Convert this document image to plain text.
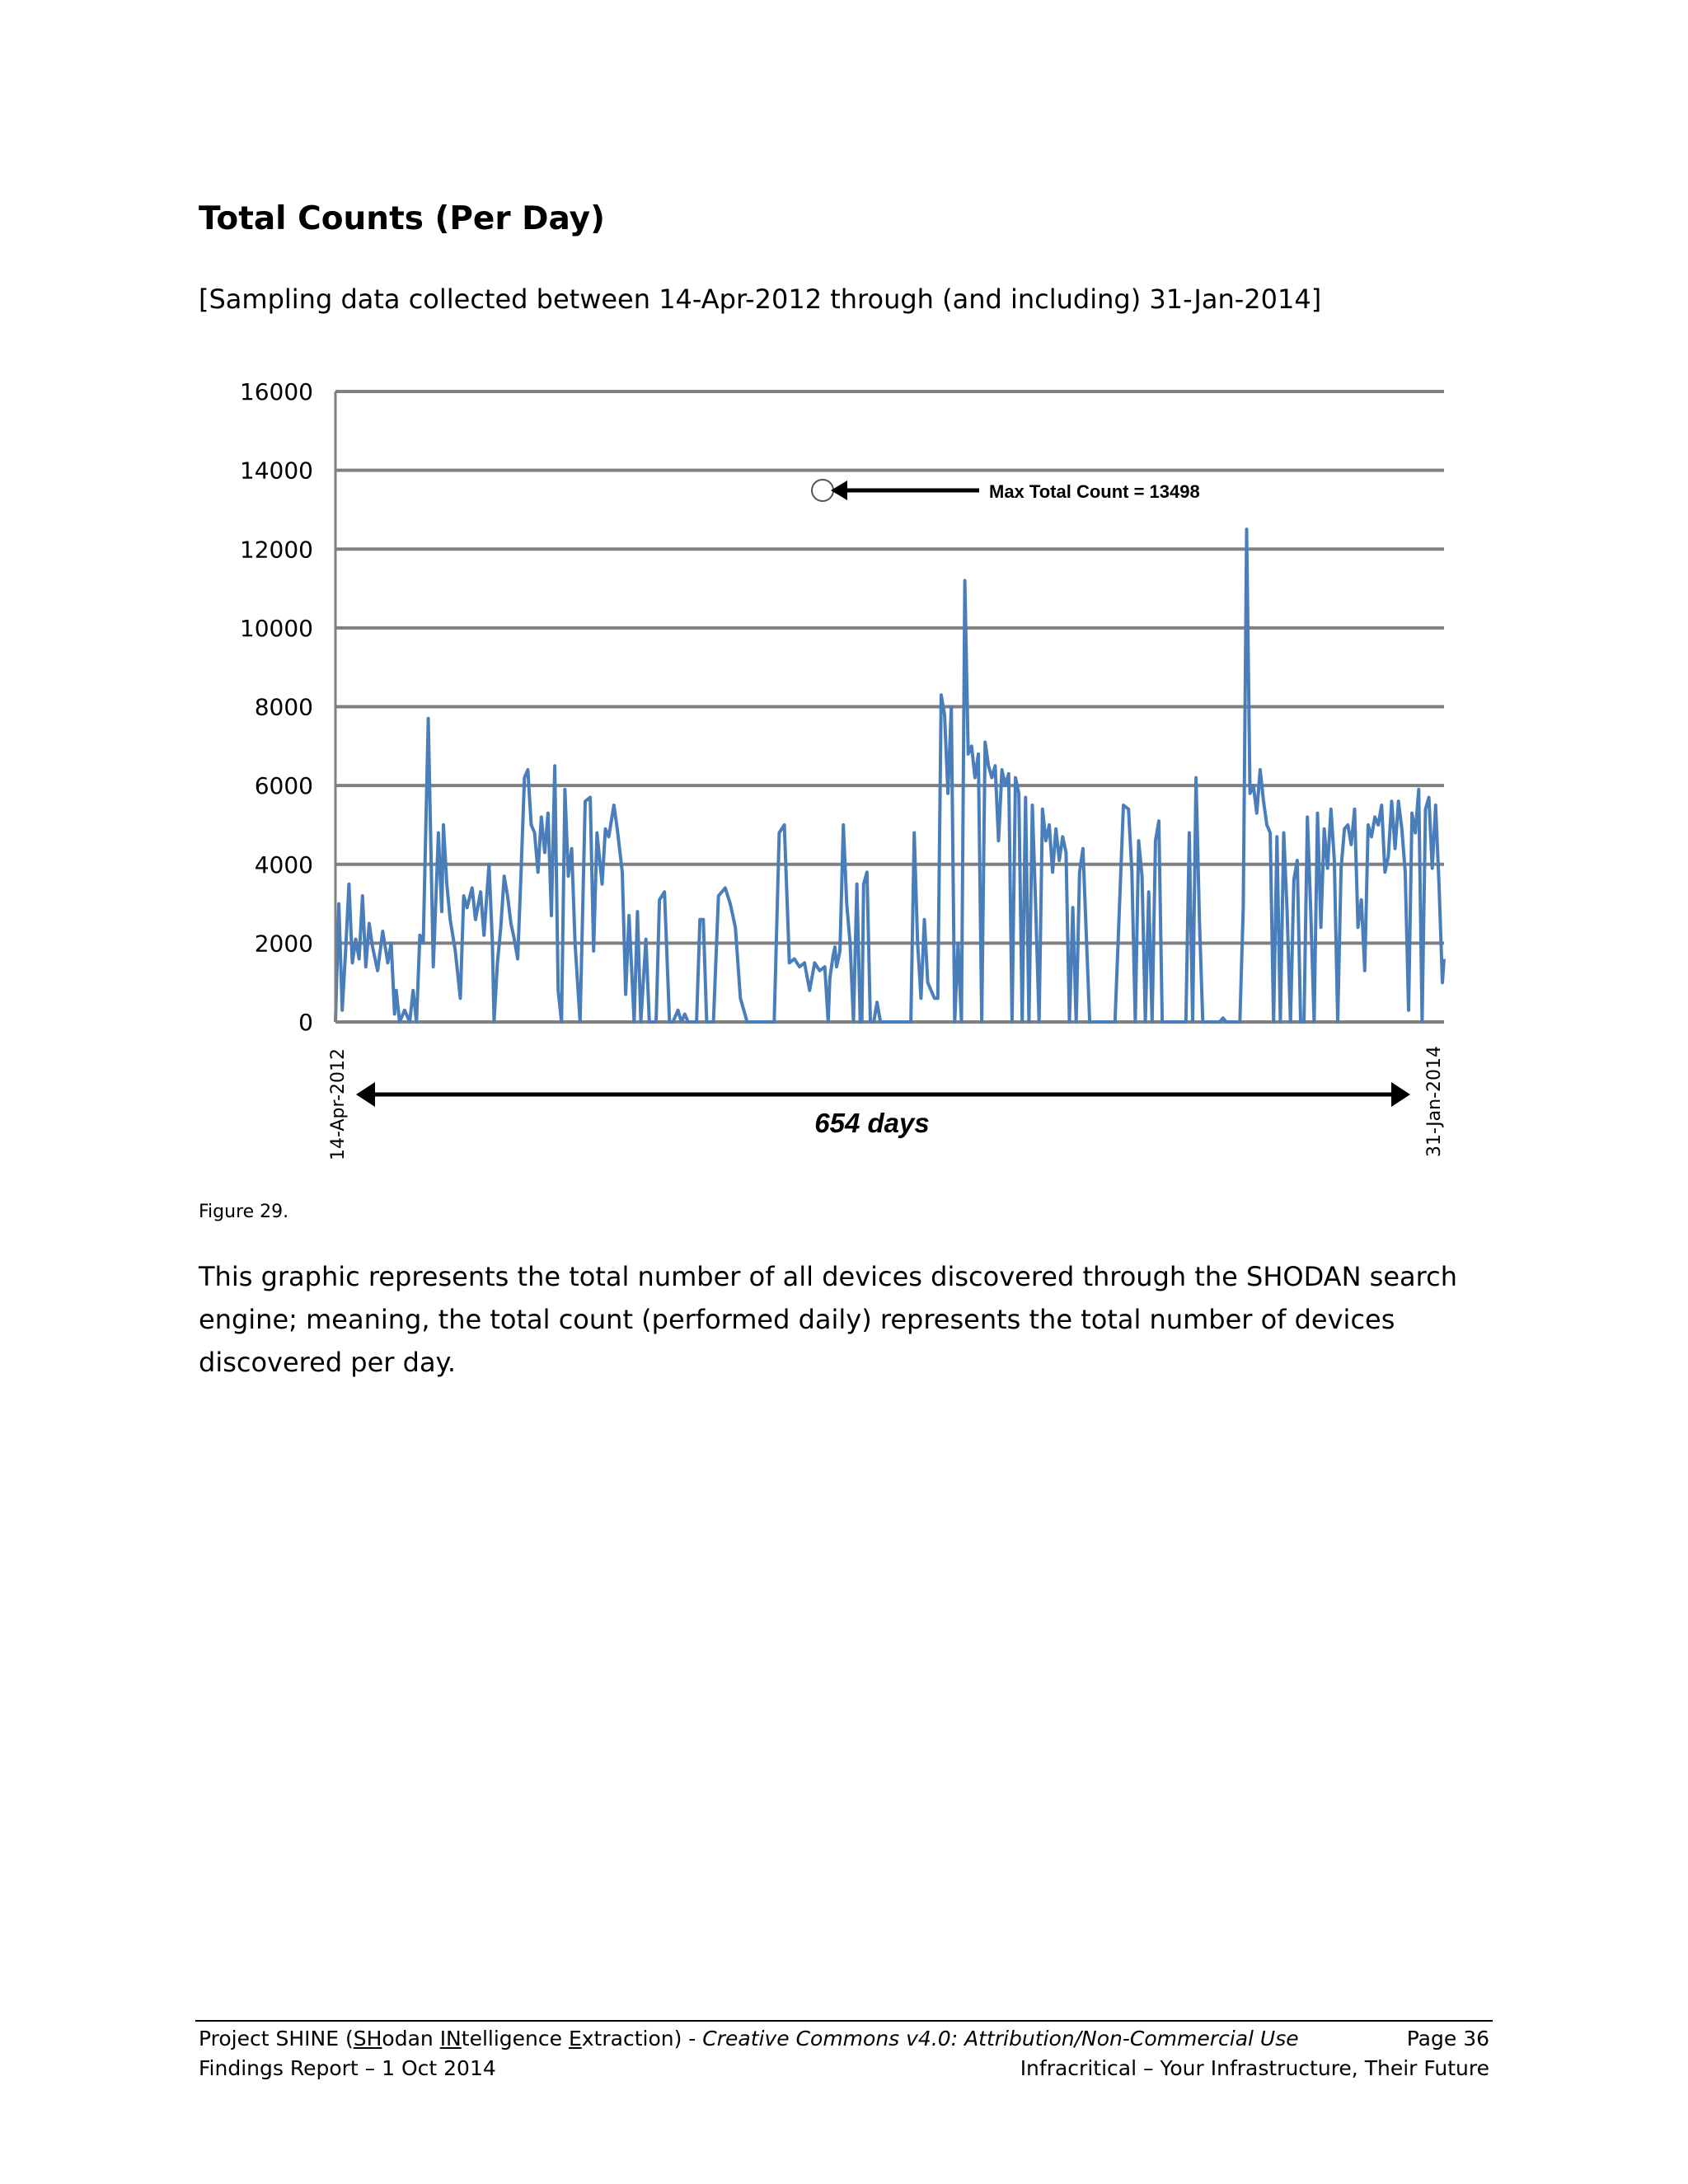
Total Counts (Per Day)
[Sampling data collected between 14-Apr-2012 through (and including) 31-Jan-2014]
0
2000
4000
6000
8000
10000
12000
14000
16000
Max Total Count = 13498
654 days
14-Apr-2012	31-Jan-2014
Figure 29.
This graphic represents the total number of all devices discovered through the SHODAN search engine; meaning, the total count (performed daily) represents the total number of devices discovered per day.
Project SHINE (SHodan INtelligence Extraction) - Creative Commons v4.0: Attribution/Non-Commercial Use	Page 36
Findings Report – 1 Oct 2014	Infracritical – Your Infrastructure, Their Future
